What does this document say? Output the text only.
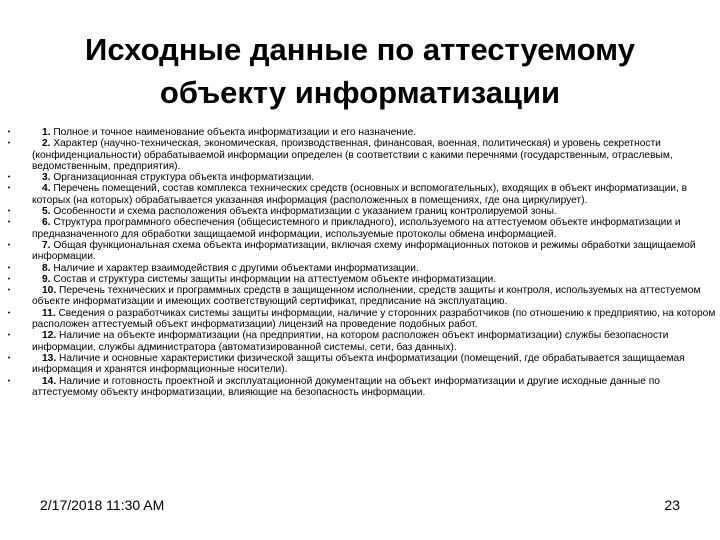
Исходные данные по аттестуемому
объекту информатизации
•	1. Полное и точное наименование объекта информатизации и его назначение.
•	2. Характер (научно-техническая, экономическая, производственная, финансовая, военная, политическая) и уровень секретности (конфиденциальности) обрабатываемой информации определен (в соответствии с какими перечнями (государственным, отраслевым, ведомственным, предприятия).
•	3. Организационная структура объекта информатизации.
•	4. Перечень помещений, состав комплекса технических средств (основных и вспомогательных), входящих в объект информатизации, в которых (на которых) обрабатывается указанная информация (расположенных в помещениях, где она циркулирует).
•	5. Особенности и схема расположения объекта информатизации с указанием границ контролируемой зоны.
•	6. Структура программного обеспечения (общесистемного и прикладного), используемого на аттестуемом объекте информатизации и предназначенного для обработки защищаемой информации, используемые протоколы обмена информацией.
•	7. Общая функциональная схема объекта информатизации, включая схему информационных потоков и режимы обработки защищаемой информации.
•	8. Наличие и характер взаимодействия с другими объектами информатизации.
•	9. Состав и структура системы защиты информации на аттестуемом объекте информатизации.
•	10. Перечень технических и программных средств в защищенном исполнении, средств защиты и контроля, используемых на аттестуемом объекте информатизации и имеющих соответствующий сертификат, предписание на эксплуатацию.
•	11. Сведения о разработчиках системы защиты информации, наличие у сторонних разработчиков (по отношению к предприятию, на котором расположен аттестуемый объект информатизации) лицензий на проведение подобных работ.
•	12. Наличие на объекте информатизации (на предприятии, на котором расположен объект информатизации) службы безопасности информации, службы администратора (автоматизированной системы, сети, баз данных).
•	13. Наличие и основные характеристики физической защиты объекта информатизации (помещений, где обрабатывается защищаемая информация и хранятся информационные носители).
•	14. Наличие и готовность проектной и эксплуатационной документации на объект информатизации и другие исходные данные по аттестуемому объекту информатизации, влияющие на безопасность информации.
2/17/2018 11:30 AM	23
